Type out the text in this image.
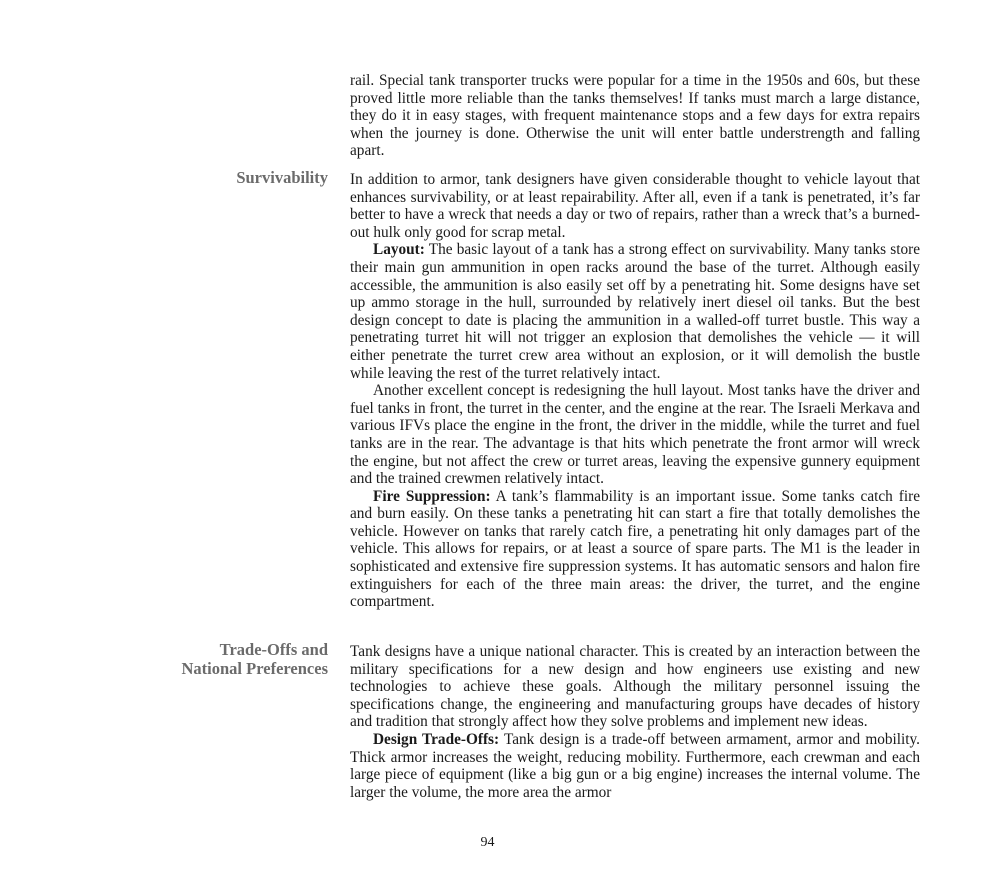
rail. Special tank transporter trucks were popular for a time in the 1950s and 60s, but these proved little more reliable than the tanks themselves! If tanks must march a large distance, they do it in easy stages, with frequent maintenance stops and a few days for extra repairs when the journey is done. Otherwise the unit will enter battle understrength and falling apart.

Survivability In addition to armor, tank designers have given considerable thought to vehicle layout that enhances survivability, or at least repairability. After all, even if a tank is penetrated, it’s far better to have a wreck that needs a day or two of repairs, rather than a wreck that’s a burned-out hulk only good for scrap metal.

Layout: The basic layout of a tank has a strong effect on survivability. Many tanks store their main gun ammunition in open racks around the base of the turret. Although easily accessible, the ammunition is also easily set off by a penetrating hit. Some designs have set up ammo storage in the hull, surrounded by relatively inert diesel oil tanks. But the best design concept to date is placing the ammunition in a walled-off turret bustle. This way a penetrating turret hit will not trigger an explosion that demolishes the vehicle — it will either penetrate the turret crew area without an explosion, or it will demolish the bustle while leaving the rest of the turret relatively intact.

Another excellent concept is redesigning the hull layout. Most tanks have the driver and fuel tanks in front, the turret in the center, and the engine at the rear. The Israeli Merkava and various IFVs place the engine in the front, the driver in the middle, while the turret and fuel tanks are in the rear. The advantage is that hits which penetrate the front armor will wreck the engine, but not affect the crew or turret areas, leaving the expensive gunnery equipment and the trained crewmen relatively intact.

Fire Suppression: A tank’s flammability is an important issue. Some tanks catch fire and burn easily. On these tanks a penetrating hit can start a fire that totally demolishes the vehicle. However on tanks that rarely catch fire, a penetrating hit only damages part of the vehicle. This allows for repairs, or at least a source of spare parts. The M1 is the leader in sophisticated and extensive fire suppression systems. It has automatic sensors and halon fire extinguishers for each of the three main areas: the driver, the turret, and the engine compartment.

Trade-Offs and
National Preferences

Tank designs have a unique national character. This is created by an interaction between the military specifications for a new design and how engineers use existing and new technologies to achieve these goals. Although the military personnel issuing the specifications change, the engineering and manufacturing groups have decades of history and tradition that strongly affect how they solve problems and implement new ideas.

Design Trade-Offs: Tank design is a trade-off between armament, armor and mobility. Thick armor increases the weight, reducing mobility. Furthermore, each crewman and each large piece of equipment (like a big gun or a big engine) increases the internal volume. The larger the volume, the more area the armor

94
